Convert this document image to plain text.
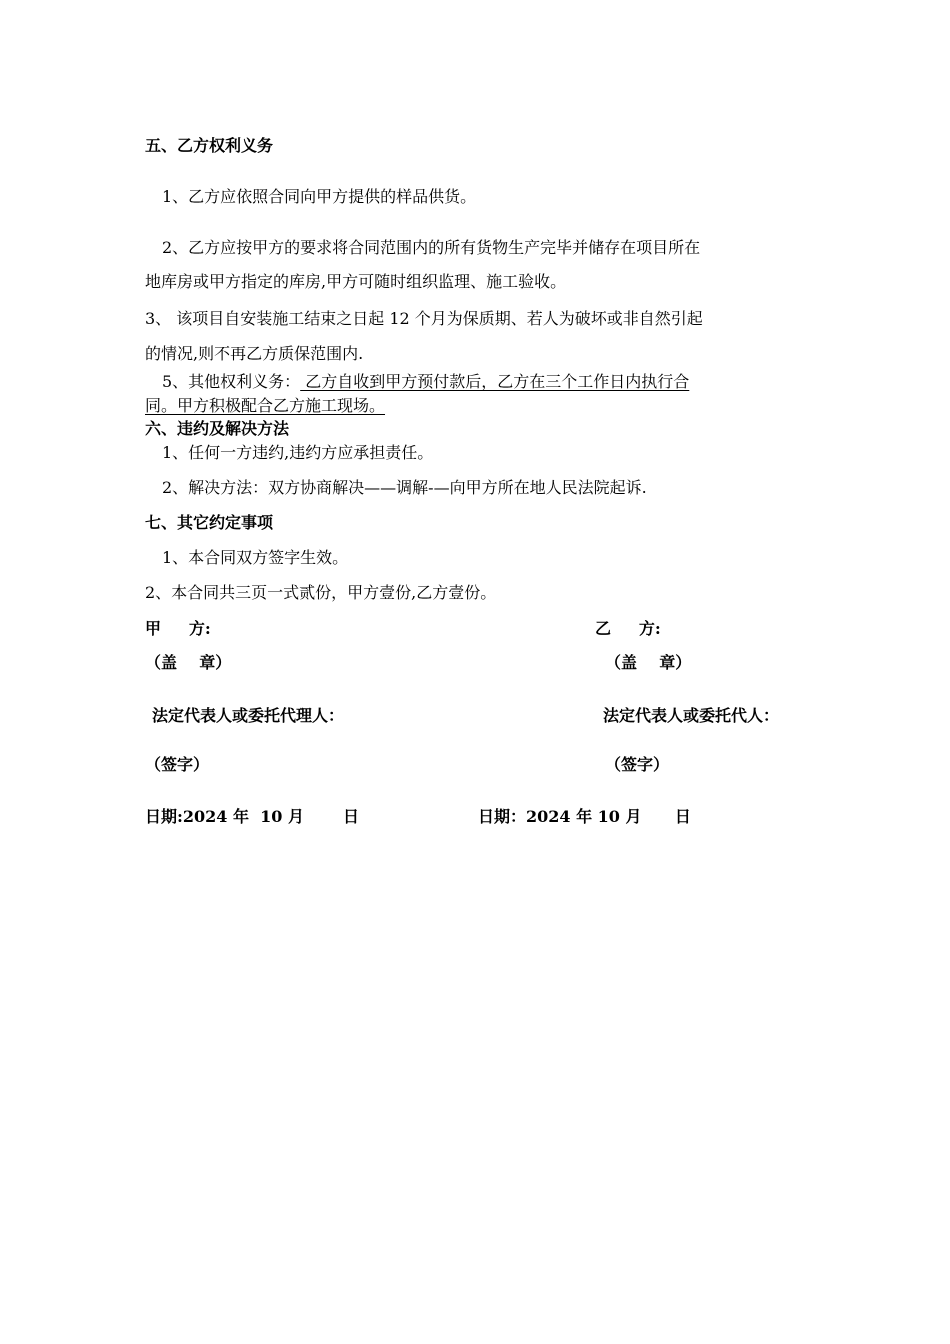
五、乙方权利义务
1、乙方应依照合同向甲方提供的样品供货。
2、乙方应按甲方的要求将合同范围内的所有货物生产完毕并储存在项目所在
地库房或甲方指定的库房,甲方可随时组织监理、施工验收。
3、 该项目自安装施工结束之日起 12 个月为保质期、若人为破坏或非自然引起
的情况,则不再乙方质保范围内.
5、其他权利义务： 乙方自收到甲方预付款后，乙方在三个工作日内执行合
同。甲方积极配合乙方施工现场。
六、违约及解决方法
1、任何一方违约,违约方应承担责任。
2、解决方法：双方协商解决——调解-—向甲方所在地人民法院起诉.
七、其它约定事项
1、本合同双方签字生效。
2、本合同共三页一式贰份，甲方壹份,乙方壹份。
甲     方:	乙     方:
（盖    章）	（盖    章）
法定代表人或委托代理人：	法定代表人或委托代人：
（签字）	（签字）
日期:2024 年  10 月       日	日期：2024 年 10 月      日
